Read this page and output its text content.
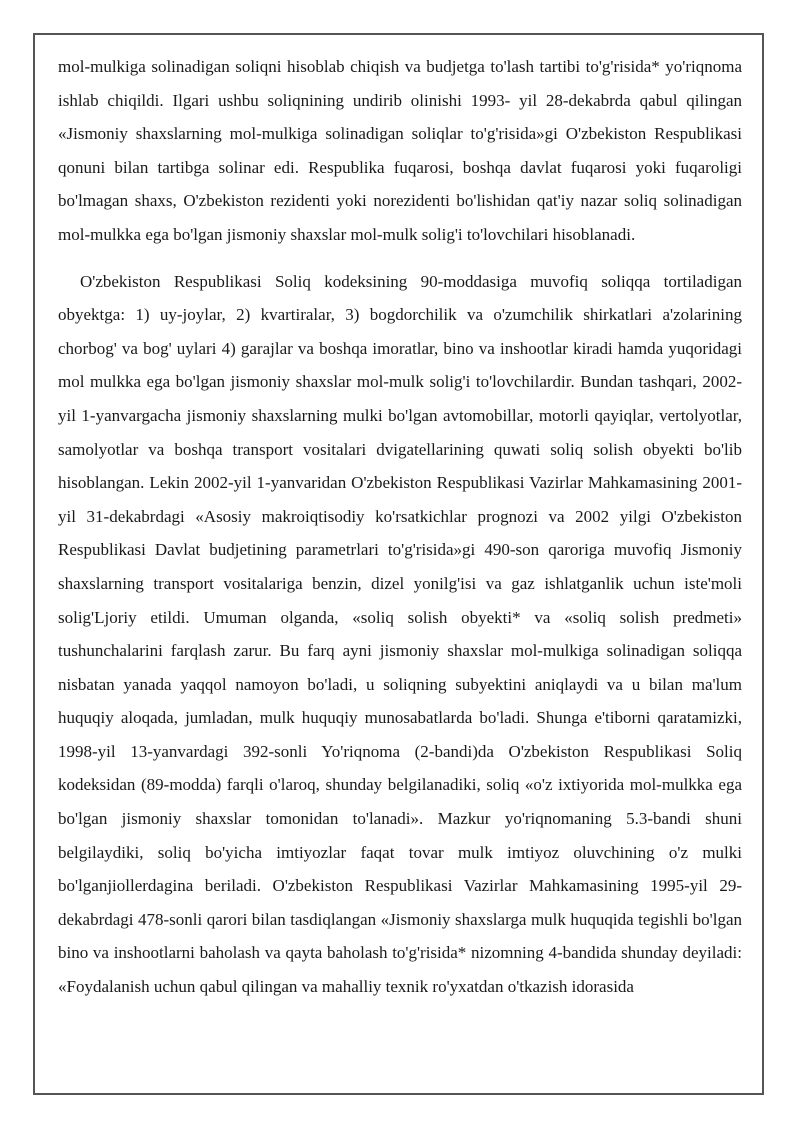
mol-mulkiga solinadigan soliqni hisoblab chiqish va budjetga to'lash tartibi to'g'risida* yo'riqnoma ishlab chiqildi. Ilgari ushbu soliqnining undirib olinishi 1993- yil 28-dekabrda qabul qilingan «Jismoniy shaxslarning mol-mulkiga solinadigan soliqlar to'g'risida»gi O'zbekiston Respublikasi qonuni bilan tartibga solinar edi. Respublika fuqarosi, boshqa davlat fuqarosi yoki fuqaroligi bo'lmagan shaxs, O'zbekiston rezidenti yoki norezidenti bo'lishidan qat'iy nazar soliq solinadigan mol-mulkka ega bo'lgan jismoniy shaxslar mol-mulk solig'i to'lovchilari hisoblanadi.

O'zbekiston Respublikasi Soliq kodeksining 90-moddasiga muvofiq soliqqa tortiladigan obyektga: 1) uy-joylar, 2) kvartiralar, 3) bogdorchilik va o'zumchilik shirkatlari a'zolarining chorbog' va bog' uylari 4) garajlar va boshqa imoratlar, bino va inshootlar kiradi hamda yuqoridagi mol mulkka ega bo'lgan jismoniy shaxslar mol-mulk solig'i to'lovchilardir. Bundan tashqari, 2002-yil 1-yanvargacha jismoniy shaxslarning mulki bo'lgan avtomobillar, motorli qayiqlar, vertolyotlar, samolyotlar va boshqa transport vositalari dvigatellarining quwati soliq solish obyekti bo'lib hisoblangan. Lekin 2002-yil 1-yanvaridan O'zbekiston Respublikasi Vazirlar Mahkamasining 2001-yil 31-dekabrdagi «Asosiy makroiqtisodiy ko'rsatkichlar prognozi va 2002 yilgi O'zbekiston Respublikasi Davlat budjetining parametrlari to'g'risida»gi 490-son qaroriga muvofiq Jismoniy shaxslarning transport vositalariga benzin, dizel yonilg'isi va gaz ishlatganlik uchun iste'moli solig'Ljoriy etildi. Umuman olganda, «soliq solish obyekti* va «soliq solish predmeti» tushunchalarini farqlash zarur. Bu farq ayni jismoniy shaxslar mol-mulkiga solinadigan soliqqa nisbatan yanada yaqqol namoyon bo'ladi, u soliqning subyektini aniqlaydi va u bilan ma'lum huquqiy aloqada, jumladan, mulk huquqiy munosabatlarda bo'ladi. Shunga e'tiborni qaratamizki, 1998-yil 13-yanvardagi 392-sonli Yo'riqnoma (2-bandi)da O'zbekiston Respublikasi Soliq kodeksidan (89-modda) farqli o'laroq, shunday belgilanadiki, soliq «o'z ixtiyorida mol-mulkka ega bo'lgan jismoniy shaxslar tomonidan to'lanadi». Mazkur yo'riqnomaning 5.3-bandi shuni belgilaydiki, soliq bo'yicha imtiyozlar faqat tovar mulk imtiyoz oluvchining o'z mulki bo'lganjiollerdagina beriladi. O'zbekiston Respublikasi Vazirlar Mahkamasining 1995-yil 29-dekabrdagi 478-sonli qarori bilan tasdiqlangan «Jismoniy shaxslarga mulk huquqida tegishli bo'lgan bino va inshootlarni baholash va qayta baholash to'g'risida* nizomning 4-bandida shunday deyiladi: «Foydalanish uchun qabul qilingan va mahalliy texnik ro'yxatdan o'tkazish idorasida
